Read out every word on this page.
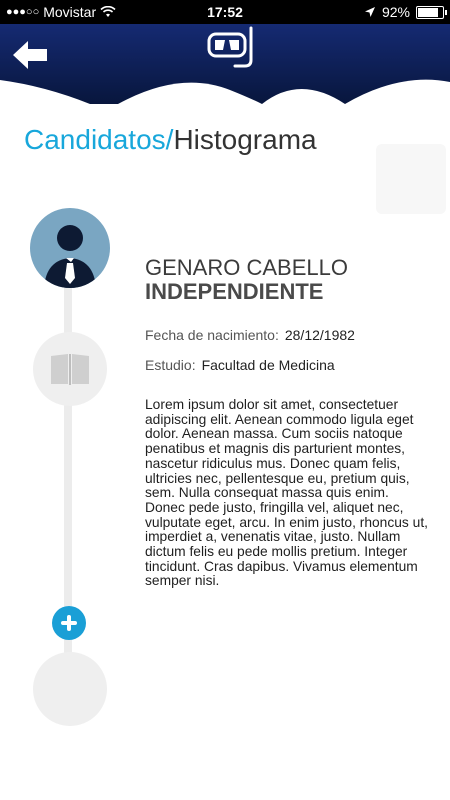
●●●○○ Movistar	17:52	92%
Candidatos/Histograma
GENARO CABELLO
INDEPENDIENTE
Fecha de nacimiento: 28/12/1982
Estudio: Facultad de Medicina

Lorem ipsum dolor sit amet, consectetuer adipiscing elit. Aenean commodo ligula eget dolor. Aenean massa. Cum sociis natoque penatibus et magnis dis parturient montes, nascetur ridiculus mus. Donec quam felis, ultricies nec, pellentesque eu, pretium quis, sem. Nulla consequat massa quis enim. Donec pede justo, fringilla vel, aliquet nec, vulputate eget, arcu. In enim justo, rhoncus ut, imperdiet a, venenatis vitae, justo. Nullam dictum felis eu pede mollis pretium. Integer tincidunt. Cras dapibus. Vivamus elementum semper nisi.
